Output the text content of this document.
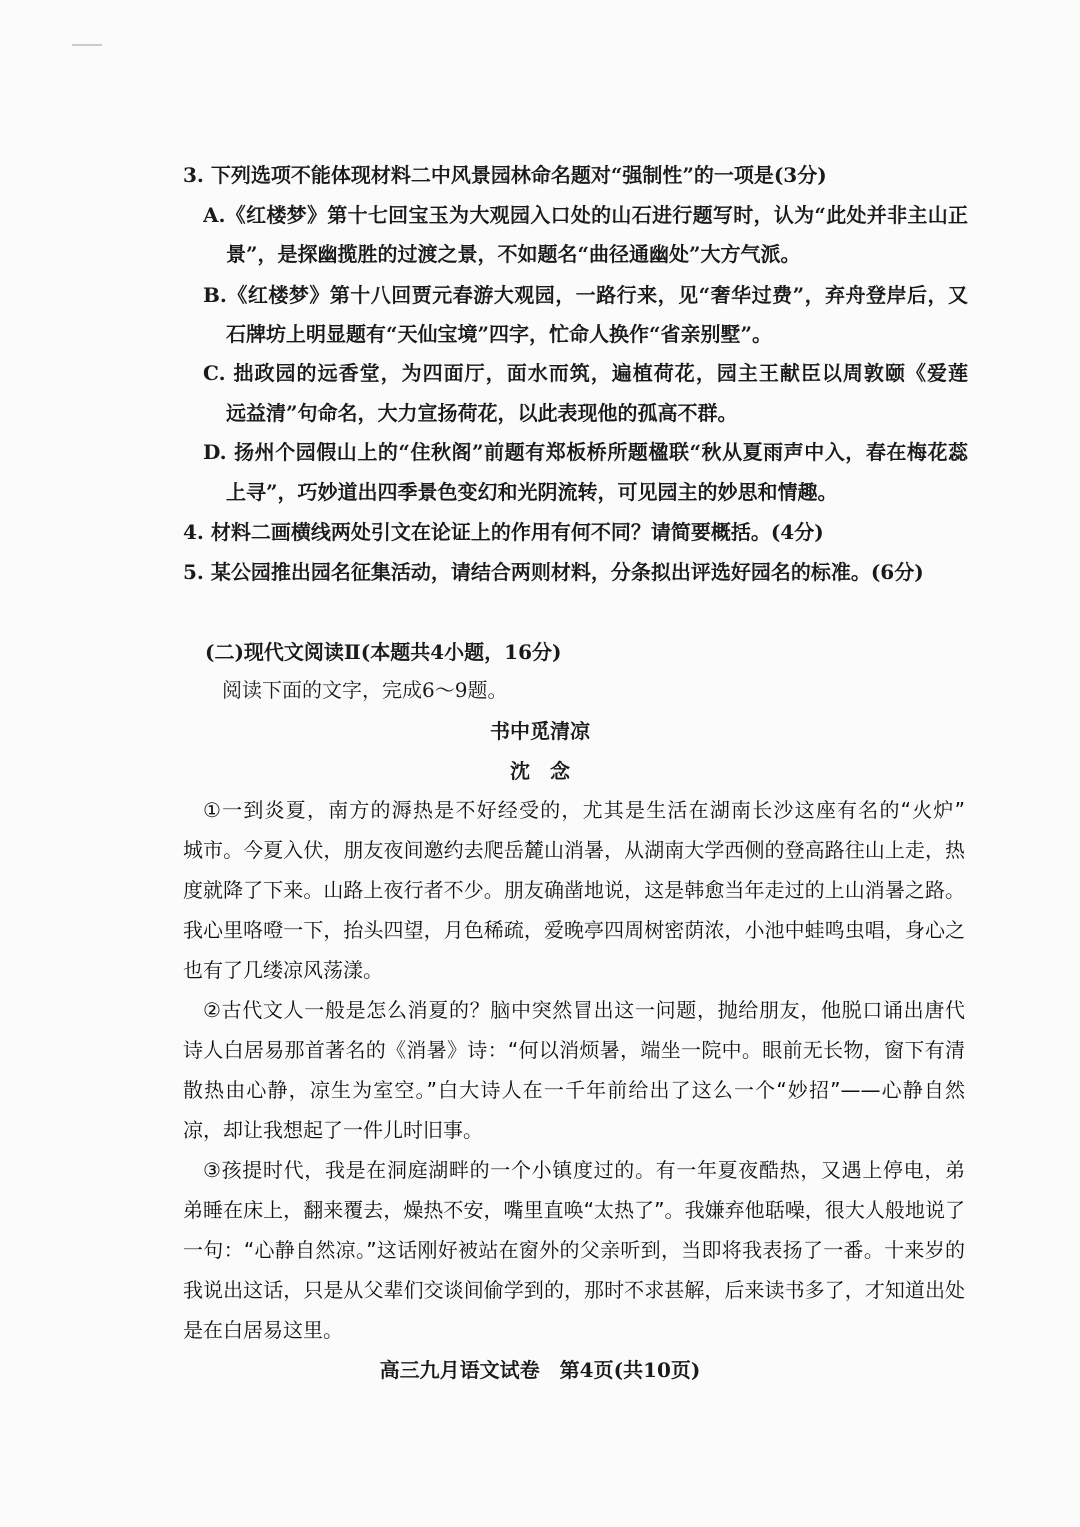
3. 下列选项不能体现材料二中风景园林命名题对“强制性”的一项是(3分)
A.《红楼梦》第十七回宝玉为大观园入口处的山石进行题写时，认为“此处并非主山正
景”，是探幽揽胜的过渡之景，不如题名“曲径通幽处”大方气派。
B.《红楼梦》第十八回贾元春游大观园，一路行来，见“奢华过费”，弃舟登岸后，又
石牌坊上明显题有“天仙宝境”四字，忙命人换作“省亲别墅”。
C. 拙政园的远香堂，为四面厅，面水而筑，遍植荷花，园主王献臣以周敦颐《爱莲
远益清”句命名，大力宣扬荷花，以此表现他的孤高不群。
D. 扬州个园假山上的“住秋阁”前题有郑板桥所题楹联“秋从夏雨声中入，春在梅花蕊
上寻”，巧妙道出四季景色变幻和光阴流转，可见园主的妙思和情趣。
4. 材料二画横线两处引文在论证上的作用有何不同？请简要概括。(4分)
5. 某公园推出园名征集活动，请结合两则材料，分条拟出评选好园名的标准。(6分)
(二)现代文阅读Ⅱ(本题共4小题，16分)
阅读下面的文字，完成6～9题。
书中觅清凉
沈　念
①一到炎夏，南方的溽热是不好经受的，尤其是生活在湖南长沙这座有名的“火炉”
城市。今夏入伏，朋友夜间邀约去爬岳麓山消暑，从湖南大学西侧的登高路往山上走，热
度就降了下来。山路上夜行者不少。朋友确凿地说，这是韩愈当年走过的上山消暑之路。
我心里咯噔一下，抬头四望，月色稀疏，爱晚亭四周树密荫浓，小池中蛙鸣虫唱，身心之
也有了几缕凉风荡漾。
②古代文人一般是怎么消夏的？脑中突然冒出这一问题，抛给朋友，他脱口诵出唐代
诗人白居易那首著名的《消暑》诗：“何以消烦暑，端坐一院中。眼前无长物，窗下有清
散热由心静，凉生为室空。”白大诗人在一千年前给出了这么一个“妙招”——心静自然
凉，却让我想起了一件儿时旧事。
③孩提时代，我是在洞庭湖畔的一个小镇度过的。有一年夏夜酷热，又遇上停电，弟
弟睡在床上，翻来覆去，燥热不安，嘴里直唤“太热了”。我嫌弃他聒噪，很大人般地说了
一句：“心静自然凉。”这话刚好被站在窗外的父亲听到，当即将我表扬了一番。十来岁的
我说出这话，只是从父辈们交谈间偷学到的，那时不求甚解，后来读书多了，才知道出处
是在白居易这里。
高三九月语文试卷　第4页(共10页)
